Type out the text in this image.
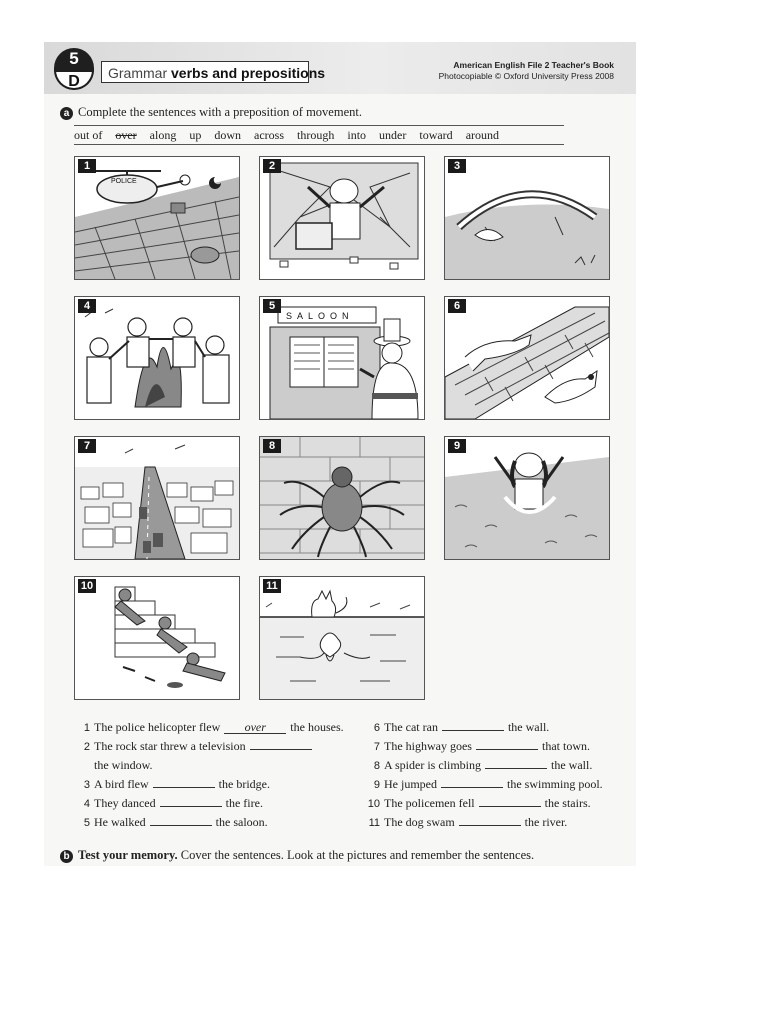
5
D	Grammar verbs and prepositions	American English File 2 Teacher's Book
Photocopiable © Oxford University Press 2008
a Complete the sentences with a preposition of movement.
out of over along up down across through into under toward around
1
POLICE
2	3
4	5
SALOON
6
7	8	9
10	11
1 The police helicopter flew over the houses.
2 The rock star threw a television
the window.
3 A bird flew	the bridge.
4 They danced	the fire.
5 He walked	the saloon.
6 The cat ran	the wall.
7 The highway goes	that town.
8 A spider is climbing	the wall.
9 He jumped	the swimming pool.
10 The policemen fell	the stairs.
11 The dog swam	the river.
b Test your memory. Cover the sentences. Look at the pictures and remember the sentences.
